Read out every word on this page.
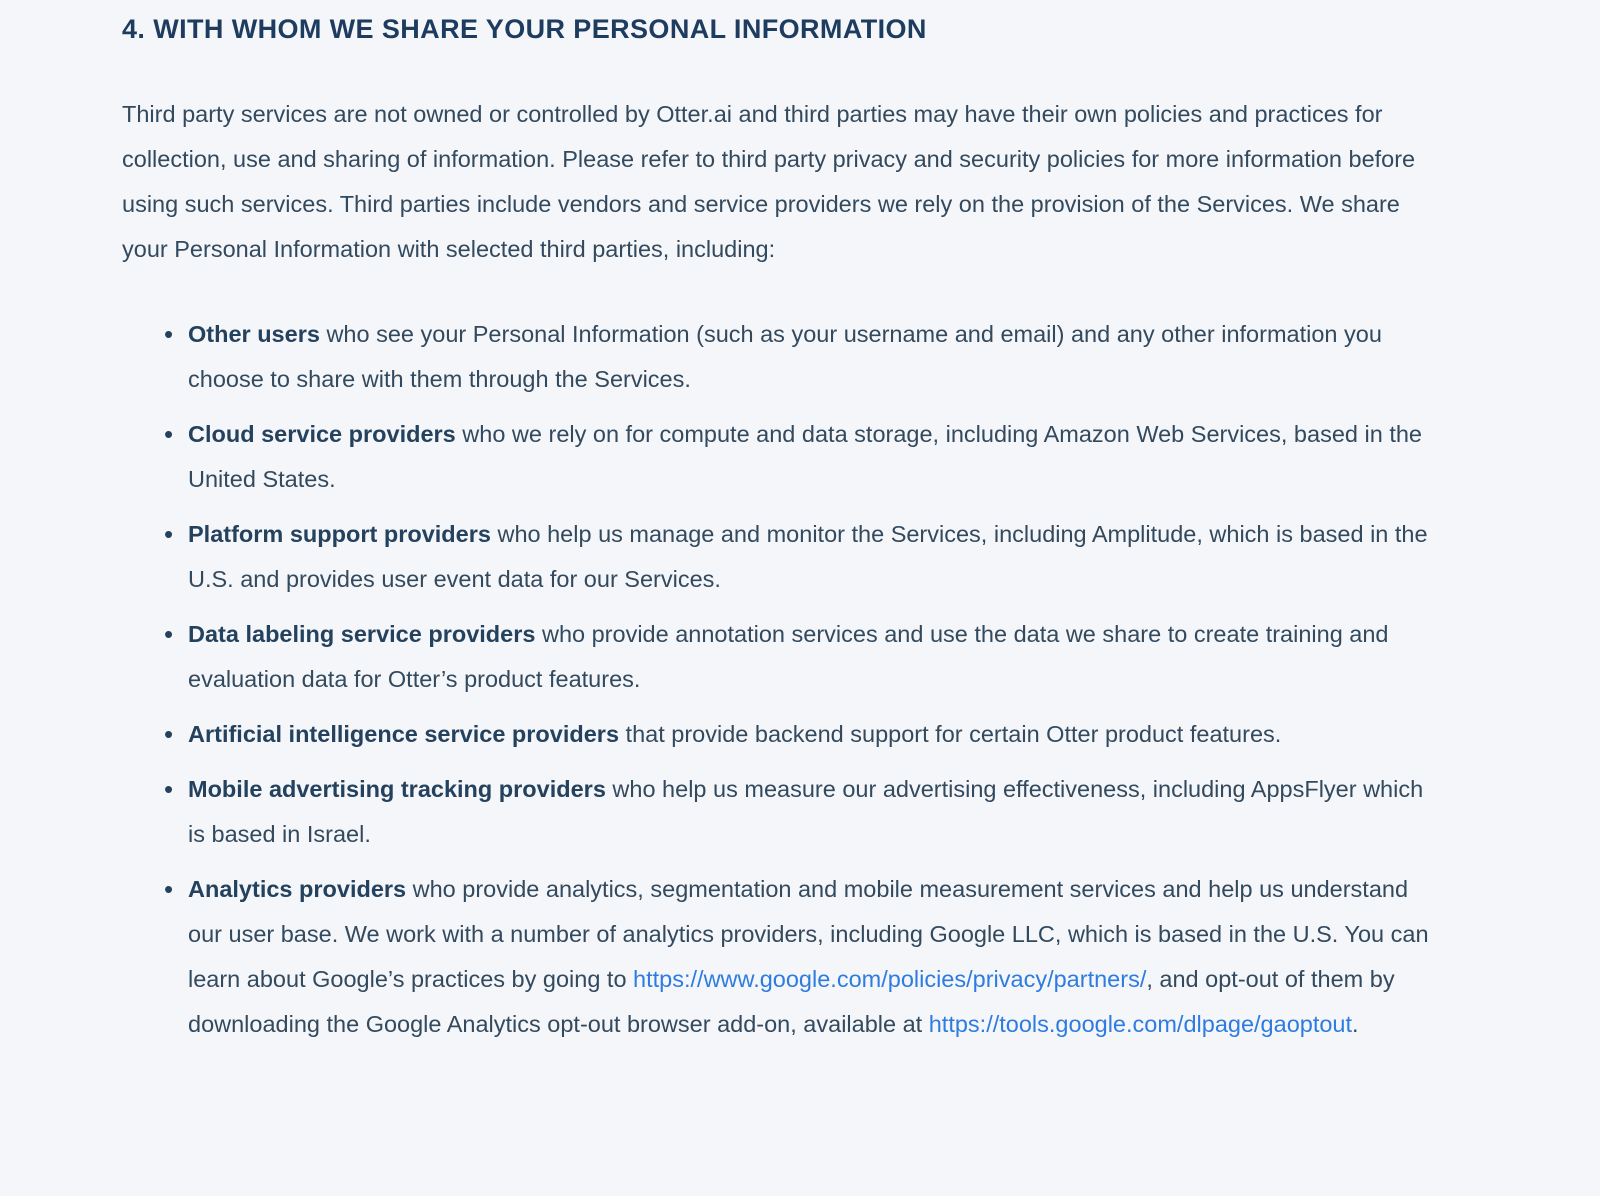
4. WITH WHOM WE SHARE YOUR PERSONAL INFORMATION

Third party services are not owned or controlled by Otter.ai and third parties may have their own policies and practices for collection, use and sharing of information. Please refer to third party privacy and security policies for more information before using such services. Third parties include vendors and service providers we rely on the provision of the Services. We share your Personal Information with selected third parties, including:

• Other users who see your Personal Information (such as your username and email) and any other information you choose to share with them through the Services.
• Cloud service providers who we rely on for compute and data storage, including Amazon Web Services, based in the United States.
• Platform support providers who help us manage and monitor the Services, including Amplitude, which is based in the U.S. and provides user event data for our Services.
• Data labeling service providers who provide annotation services and use the data we share to create training and evaluation data for Otter’s product features.
• Artificial intelligence service providers that provide backend support for certain Otter product features.
• Mobile advertising tracking providers who help us measure our advertising effectiveness, including AppsFlyer which is based in Israel.
• Analytics providers who provide analytics, segmentation and mobile measurement services and help us understand our user base. We work with a number of analytics providers, including Google LLC, which is based in the U.S. You can learn about Google’s practices by going to https://www.google.com/policies/privacy/partners/, and opt-out of them by downloading the Google Analytics opt-out browser add-on, available at https://tools.google.com/dlpage/gaoptout.
